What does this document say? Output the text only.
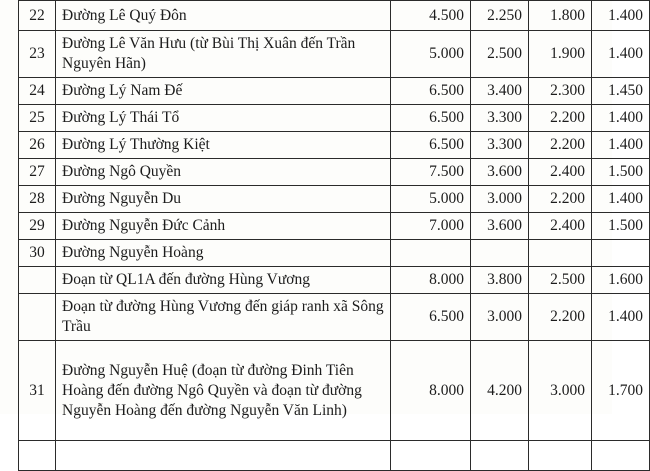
22	Đường Lê Quý Đôn	4.500	2.250	1.800	1.400
23	Đường Lê Văn Hưu (từ Bùi Thị Xuân đến Trần Nguyên Hãn)	5.000	2.500	1.900	1.400
24	Đường Lý Nam Đế	6.500	3.400	2.300	1.450
25	Đường Lý Thái Tổ	6.500	3.300	2.200	1.400
26	Đường Lý Thường Kiệt	6.500	3.300	2.200	1.400
27	Đường Ngô Quyền	7.500	3.600	2.400	1.500
28	Đường Nguyễn Du	5.000	3.000	2.200	1.400
29	Đường Nguyễn Đức Cảnh	7.000	3.600	2.400	1.500
30	Đường Nguyễn Hoàng				
	Đoạn từ QL1A đến đường Hùng Vương	8.000	3.800	2.500	1.600
	Đoạn từ đường Hùng Vương đến giáp ranh xã Sông Trầu	6.500	3.000	2.200	1.400
31	Đường Nguyễn Huệ (đoạn từ đường Đinh Tiên Hoàng đến đường Ngô Quyền và đoạn từ đường Nguyễn Hoàng đến đường Nguyễn Văn Linh)	8.000	4.200	3.000	1.700
